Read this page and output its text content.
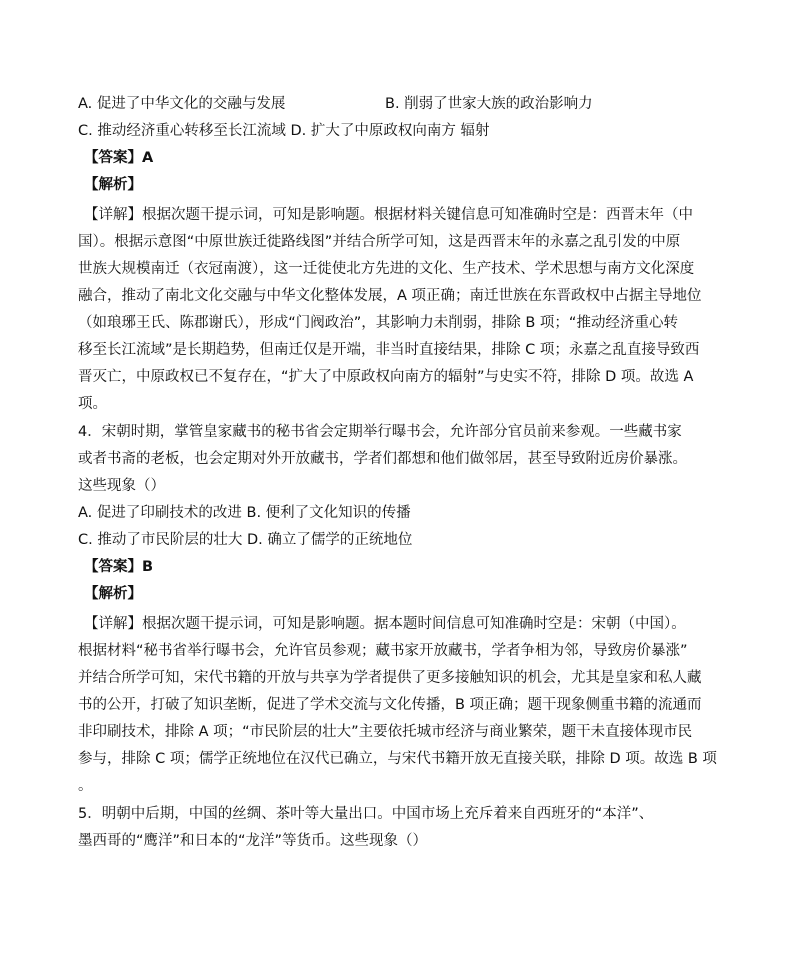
A. 促进了中华文化的交融与发展	B. 削弱了世家大族的政治影响力
C. 推动经济重心转移至长江流域 D. 扩大了中原政权向南方 辐射
【答案】A
【解析】
【详解】根据次题干提示词，可知是影响题。根据材料关键信息可知准确时空是：西晋末年（中
国）。根据示意图“中原世族迁徙路线图”并结合所学可知，这是西晋末年的永嘉之乱引发的中原
世族大规模南迁（衣冠南渡），这一迁徙使北方先进的文化、生产技术、学术思想与南方文化深度
融合，推动了南北文化交融与中华文化整体发展，A 项正确；南迁世族在东晋政权中占据主导地位
（如琅琊王氏、陈郡谢氏），形成“门阀政治”，其影响力未削弱，排除 B 项；“推动经济重心转
移至长江流域”是长期趋势，但南迁仅是开端，非当时直接结果，排除 C 项；永嘉之乱直接导致西
晋灭亡，中原政权已不复存在，“扩大了中原政权向南方的辐射”与史实不符，排除 D 项。故选 A
项。
4．宋朝时期，掌管皇家藏书的秘书省会定期举行曝书会，允许部分官员前来参观。一些藏书家
或者书斋的老板，也会定期对外开放藏书，学者们都想和他们做邻居，甚至导致附近房价暴涨。
这些现象（）
A. 促进了印刷技术的改进 B. 便利了文化知识的传播
C. 推动了市民阶层的壮大 D. 确立了儒学的正统地位
【答案】B
【解析】
【详解】根据次题干提示词，可知是影响题。据本题时间信息可知准确时空是：宋朝（中国）。
根据材料“秘书省举行曝书会，允许官员参观；藏书家开放藏书，学者争相为邻，导致房价暴涨”
并结合所学可知，宋代书籍的开放与共享为学者提供了更多接触知识的机会，尤其是皇家和私人藏
书的公开，打破了知识垄断，促进了学术交流与文化传播，B 项正确；题干现象侧重书籍的流通而
非印刷技术，排除 A 项；“市民阶层的壮大”主要依托城市经济与商业繁荣，题干未直接体现市民
参与，排除 C 项；儒学正统地位在汉代已确立，与宋代书籍开放无直接关联，排除 D 项。故选 B 项
。
5．明朝中后期，中国的丝绸、茶叶等大量出口。中国市场上充斥着来自西班牙的“本洋”、
墨西哥的“鹰洋”和日本的“龙洋”等货币。这些现象（）
